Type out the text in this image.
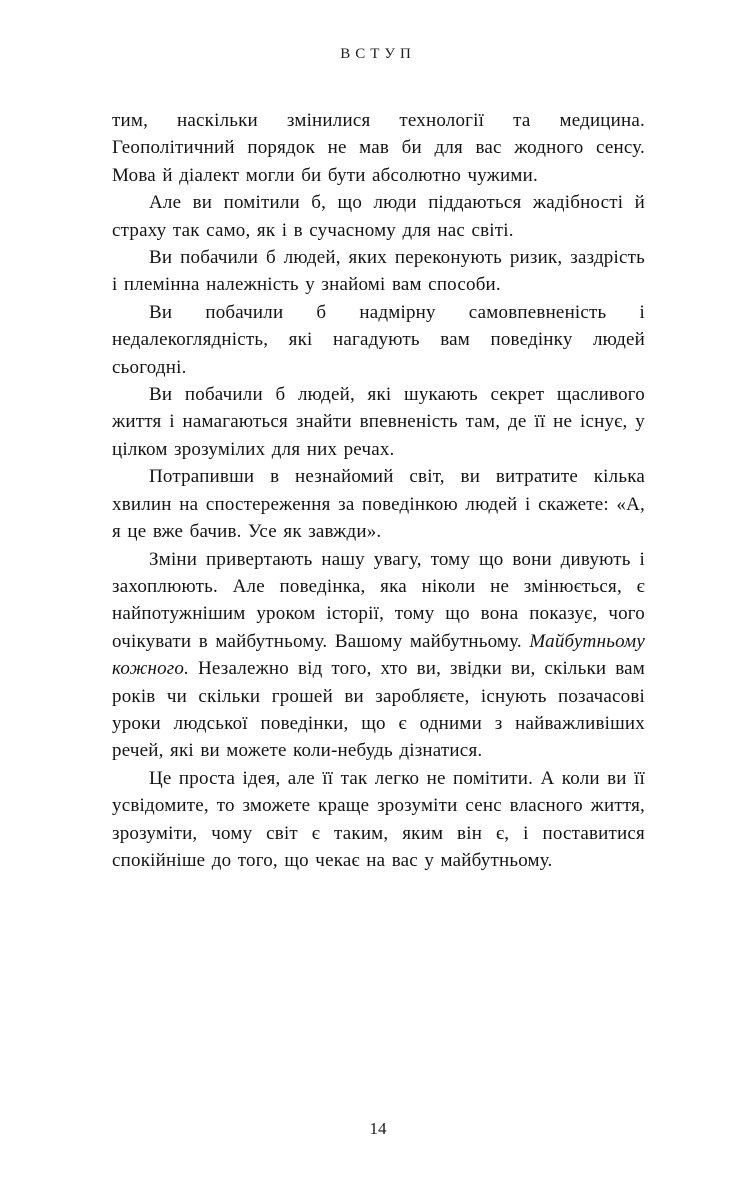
ВСТУП

тим, наскільки змінилися технології та медицина. Геополітичний порядок не мав би для вас жодного сенсу. Мова й діалект могли би бути абсолютно чужими.

Але ви помітили б, що люди піддаються жадібності й страху так само, як і в сучасному для нас світі.

Ви побачили б людей, яких переконують ризик, заздрість і племінна належність у знайомі вам способи.

Ви побачили б надмірну самовпевненість і недалекоглядність, які нагадують вам поведінку людей сьогодні.

Ви побачили б людей, які шукають секрет щасливого життя і намагаються знайти впевненість там, де її не існує, у цілком зрозумілих для них речах.

Потрапивши в незнайомий світ, ви витратите кілька хвилин на спостереження за поведінкою людей і скажете: «А, я це вже бачив. Усе як завжди».

Зміни привертають нашу увагу, тому що вони дивують і захоплюють. Але поведінка, яка ніколи не змінюється, є найпотужнішим уроком історії, тому що вона показує, чого очікувати в майбутньому. Вашому майбутньому. Майбутньому кожного. Незалежно від того, хто ви, звідки ви, скільки вам років чи скільки грошей ви заробляєте, існують позачасові уроки людської поведінки, що є одними з найважливіших речей, які ви можете коли-небудь дізнатися.

Це проста ідея, але її так легко не помітити. А коли ви її усвідомите, то зможете краще зрозуміти сенс власного життя, зрозуміти, чому світ є таким, яким він є, і поставитися спокійніше до того, що чекає на вас у майбутньому.

14
